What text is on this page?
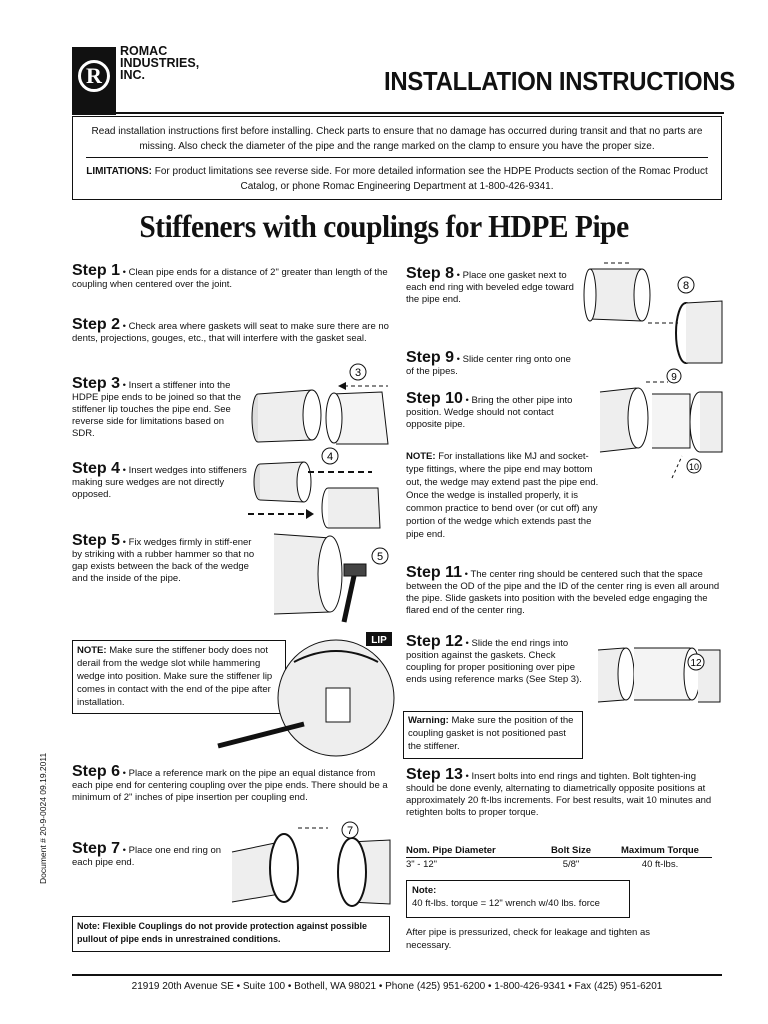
R
ROMAC
INDUSTRIES,
INC.	INSTALLATION INSTRUCTIONS
Read installation instructions first before installing. Check parts to ensure that no damage has occurred during transit and that no parts are missing. Also check the diameter of the pipe and the range marked on the clamp to ensure you have the proper size.
LIMITATIONS: For product limitations see reverse side. For more detailed information see the HDPE Products section of the Romac Product Catalog, or phone Romac Engineering Department at 1-800-426-9341.
Stiffeners with couplings for HDPE Pipe
Step 1 • Clean pipe ends for a distance of 2" greater than length of the coupling when centered over the joint.
Step 2 • Check area where gaskets will seat to make sure there are no dents, projections, gouges, etc., that will interfere with the gasket seal.
Step 3 • Insert a stiffener into the HDPE pipe ends to be joined so that the stiffener lip touches the pipe end. See reverse side for limitations based on SDR.
Step 4 • Insert wedges into stiffeners making sure wedges are not directly opposed.
Step 5 • Fix wedges firmly in stiff-ener by striking with a rubber hammer so that no gap exists between the back of the wedge and the inside of the pipe.
NOTE: Make sure the stiffener body does not derail from the wedge slot while hammering wedge into position. Make sure the stiffener lip comes in contact with the end of the pipe after installation.
Step 6 • Place a reference mark on the pipe an equal distance from each pipe end for centering coupling over the pipe ends. There should be a minimum of 2" inches of pipe insertion per coupling end.
Step 7 • Place one end ring on each pipe end.
Note: Flexible Couplings do not provide protection against possible pullout of pipe ends in unrestrained conditions.
Step 8 • Place one gasket next to each end ring with beveled edge toward the pipe end.
Step 9 • Slide center ring onto one of the pipes.
Step 10 • Bring the other pipe into position. Wedge should not contact opposite pipe.
NOTE: For installations like MJ and socket-type fittings, where the pipe end may bottom out, the wedge may extend past the pipe end. Once the wedge is installed properly, it is common practice to bend over (or cut off) any portion of the wedge which extends past the pipe end.
Step 11 • The center ring should be centered such that the space between the OD of the pipe and the ID of the center ring is even all around the pipe. Slide gaskets into position with the beveled edge engaging the flared end of the center ring.
Step 12 • Slide the end rings into position against the gaskets. Check coupling for proper positioning over pipe ends using reference marks (See Step 3).
Warning: Make sure the position of the coupling gasket is not positioned past the stiffener.
Step 13 • Insert bolts into end rings and tighten. Bolt tighten-ing should be done evenly, alternating to diametrically opposite positions at approximately 20 ft-lbs increments. For best results, wait 10 minutes and retighten bolts to proper torque.
Nom. Pipe Diameter	Bolt Size	Maximum Torque
3" - 12"	5/8"	40 ft-lbs.
Note:
40 ft-lbs. torque = 12" wrench w/40 lbs. force
After pipe is pressurized, check for leakage and tighten as necessary.
Document # 20-9-0024 09.19.2011
21919 20th Avenue SE • Suite 100 • Bothell, WA 98021 • Phone (425) 951-6200 • 1-800-426-9341 • Fax (425) 951-6201
3
4
5
LIP
7
8
9
10
12
